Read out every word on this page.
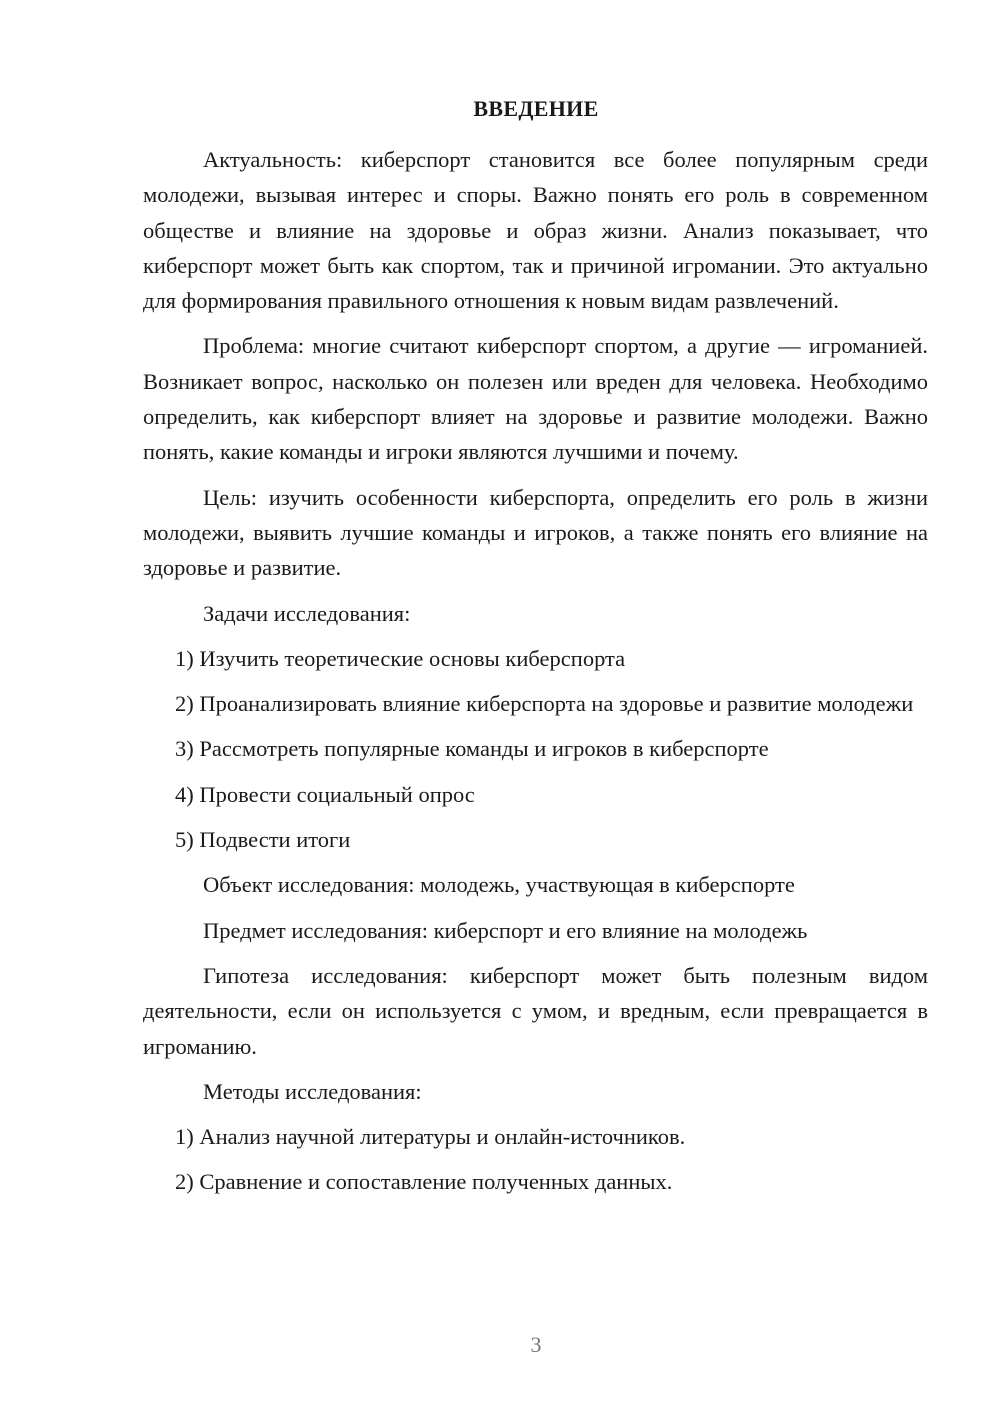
ВВЕДЕНИЕ

Актуальность: киберспорт становится все более популярным среди молодежи, вызывая интерес и споры. Важно понять его роль в современном обществе и влияние на здоровье и образ жизни. Анализ показывает, что киберспорт может быть как спортом, так и причиной игромании. Это актуально для формирования правильного отношения к новым видам развлечений.

Проблема: многие считают киберспорт спортом, а другие — игроманией. Возникает вопрос, насколько он полезен или вреден для человека. Необходимо определить, как киберспорт влияет на здоровье и развитие молодежи. Важно понять, какие команды и игроки являются лучшими и почему.

Цель: изучить особенности киберспорта, определить его роль в жизни молодежи, выявить лучшие команды и игроков, а также понять его влияние на здоровье и развитие.

Задачи исследования:

1) Изучить теоретические основы киберспорта

2) Проанализировать влияние киберспорта на здоровье и развитие молодежи

3) Рассмотреть популярные команды и игроков в киберспорте

4) Провести социальный опрос

5) Подвести итоги

Объект исследования: молодежь, участвующая в киберспорте

Предмет исследования: киберспорт и его влияние на молодежь

Гипотеза исследования: киберспорт может быть полезным видом деятельности, если он используется с умом, и вредным, если превращается в игроманию.

Методы исследования:

1) Анализ научной литературы и онлайн-источников.

2) Сравнение и сопоставление полученных данных.

3
